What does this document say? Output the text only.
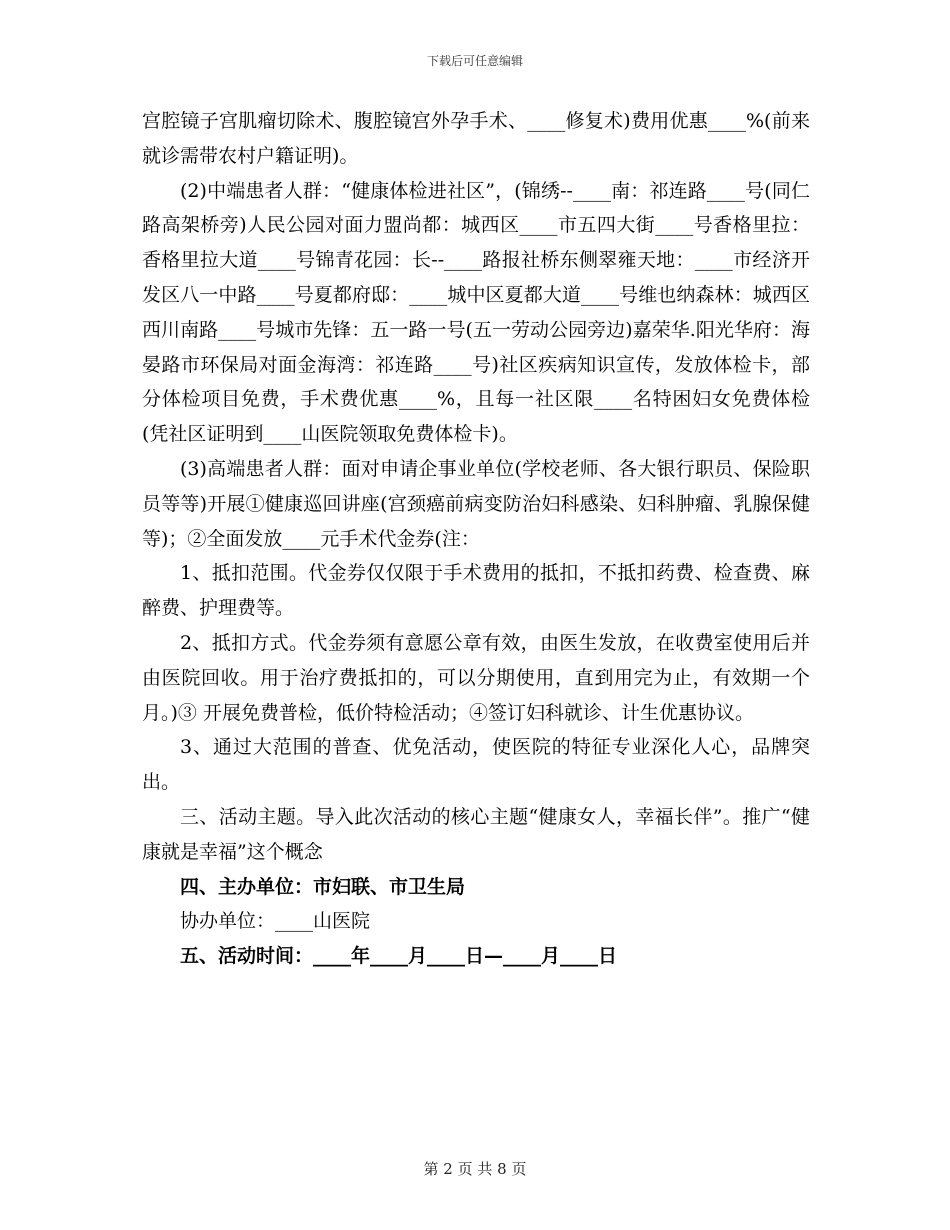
下载后可任意编辑

宫腔镜子宫肌瘤切除术、腹腔镜宫外孕手术、____修复术)费用优惠____%(前来就诊需带农村户籍证明)。

(2)中端患者人群：“健康体检进社区”，(锦绣--____南：祁连路____号(同仁路高架桥旁)人民公园对面力盟尚都：城西区____市五四大街____号香格里拉：香格里拉大道____号锦青花园：长--____路报社桥东侧翠雍天地：____市经济开发区八一中路____号夏都府邸：____城中区夏都大道____号维也纳森林：城西区西川南路____号城市先锋：五一路一号(五一劳动公园旁边)嘉荣华.阳光华府：海晏路市环保局对面金海湾：祁连路____号)社区疾病知识宣传，发放体检卡，部分体检项目免费，手术费优惠____%，且每一社区限____名特困妇女免费体检(凭社区证明到____山医院领取免费体检卡)。

(3)高端患者人群：面对申请企事业单位(学校老师、各大银行职员、保险职员等等)开展①健康巡回讲座(宫颈癌前病变防治妇科感染、妇科肿瘤、乳腺保健等)；②全面发放____元手术代金券(注：

1、抵扣范围。代金券仅仅限于手术费用的抵扣，不抵扣药费、检查费、麻醉费、护理费等。

2、抵扣方式。代金券须有意愿公章有效，由医生发放，在收费室使用后并由医院回收。用于治疗费抵扣的，可以分期使用，直到用完为止，有效期一个月。)③ 开展免费普检，低价特检活动；④签订妇科就诊、计生优惠协议。

3、通过大范围的普查、优免活动，使医院的特征专业深化人心，品牌突出。

三、活动主题。导入此次活动的核心主题“健康女人，幸福长伴”。推广“健康就是幸福”这个概念

四、主办单位：市妇联、市卫生局

协办单位：____山医院

五、活动时间：____年____月____日—____月____日

第 2 页 共 8 页
